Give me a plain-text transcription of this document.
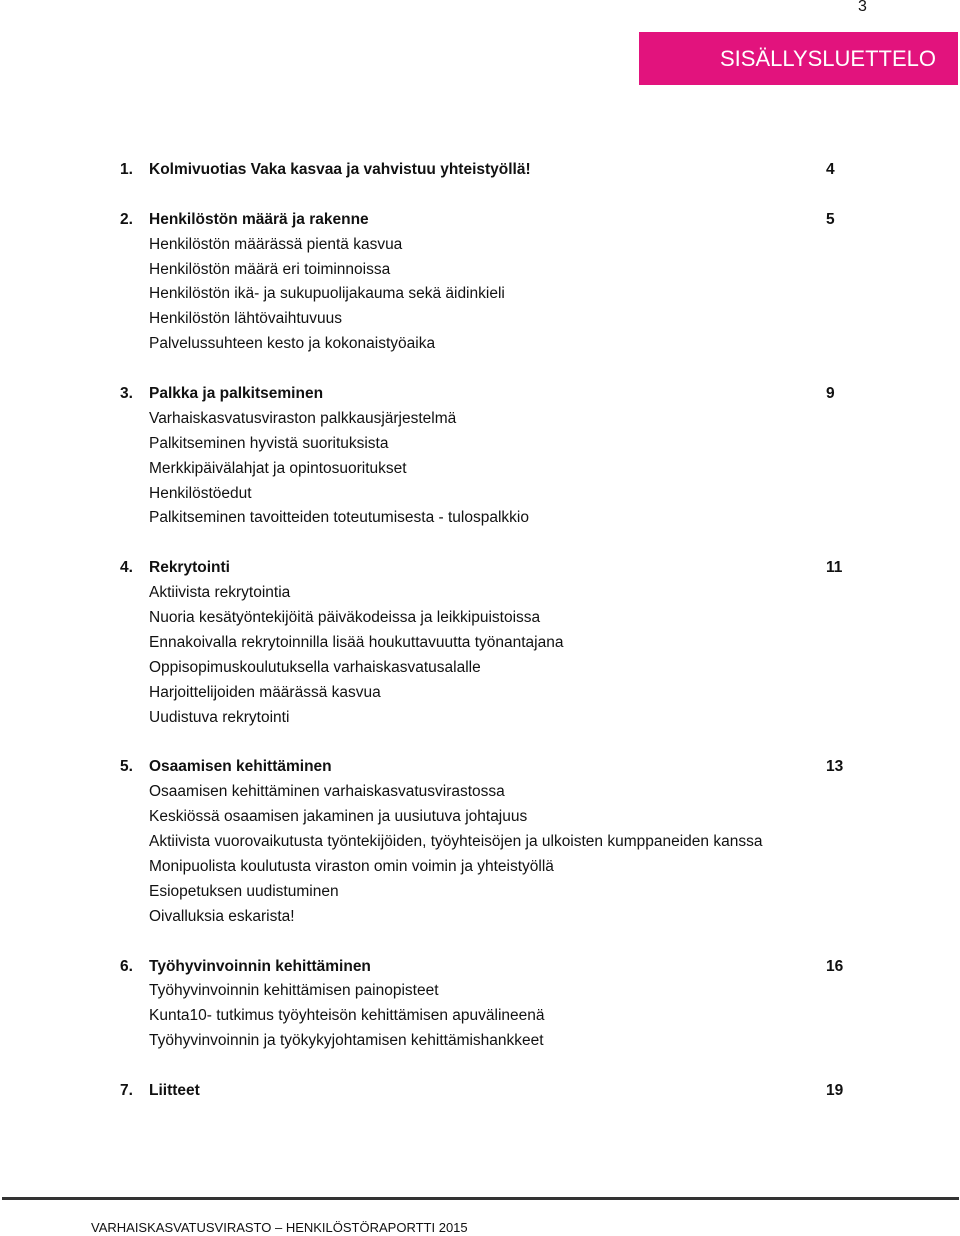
3
SISÄLLYSLUETTELO
1. Kolmivuotias Vaka kasvaa ja vahvistuu yhteistyöllä!	4
2. Henkilöstön määrä ja rakenne	5
Henkilöstön määrässä pientä kasvua
Henkilöstön määrä eri toiminnoissa
Henkilöstön ikä- ja sukupuolijakauma sekä äidinkieli
Henkilöstön lähtövaihtuvuus
Palvelussuhteen kesto ja kokonaistyöaika
3. Palkka ja palkitseminen	9
Varhaiskasvatusviraston palkkausjärjestelmä
Palkitseminen hyvistä suorituksista
Merkkipäivälahjat ja opintosuoritukset
Henkilöstöedut
Palkitseminen tavoitteiden toteutumisesta - tulospalkkio
4. Rekrytointi	11
Aktiivista rekrytointia
Nuoria kesätyöntekijöitä päiväkodeissa ja leikkipuistoissa
Ennakoivalla rekrytoinnilla lisää houkuttavuutta työnantajana
Oppisopimuskoulutuksella varhaiskasvatusalalle
Harjoittelijoiden määrässä kasvua
Uudistuva rekrytointi
5. Osaamisen kehittäminen	13
Osaamisen kehittäminen varhaiskasvatusvirastossa
Keskiössä osaamisen jakaminen ja uusiutuva johtajuus
Aktiivista vuorovaikutusta työntekijöiden, työyhteisöjen ja ulkoisten kumppaneiden kanssa
Monipuolista koulutusta viraston omin voimin ja yhteistyöllä
Esiopetuksen uudistuminen
Oivalluksia eskarista!
6. Työhyvinvoinnin kehittäminen	16
Työhyvinvoinnin kehittämisen painopisteet
Kunta10- tutkimus työyhteisön kehittämisen apuvälineenä
Työhyvinvoinnin ja työkykyjohtamisen kehittämishankkeet
7. Liitteet	19
VARHAISKASVATUSVIRASTO – HENKILÖSTÖRAPORTTI 2015
